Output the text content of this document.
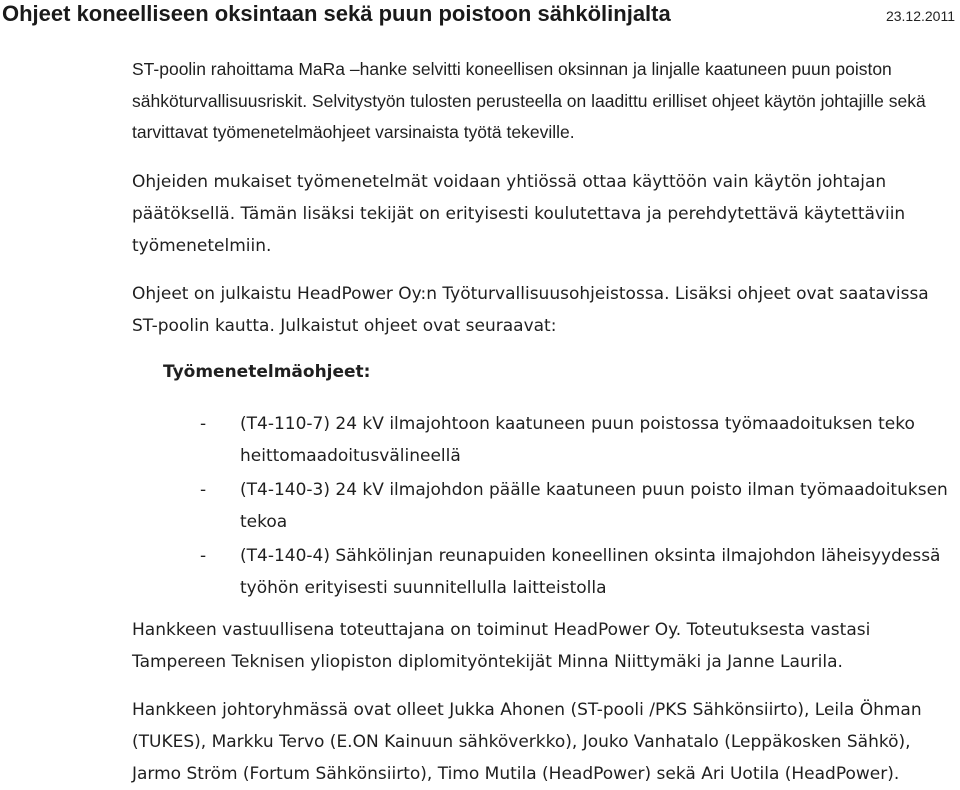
Ohjeet koneelliseen oksintaan sekä puun poistoon sähkölinjalta	23.12.2011

ST-poolin rahoittama MaRa –hanke selvitti koneellisen oksinnan ja linjalle kaatuneen puun poiston sähköturvallisuusriskit. Selvitystyön tulosten perusteella on laadittu erilliset ohjeet käytön johtajille sekä tarvittavat työmenetelmäohjeet varsinaista työtä tekeville.

Ohjeiden mukaiset työmenetelmät voidaan yhtiössä ottaa käyttöön vain käytön johtajan päätöksellä. Tämän lisäksi tekijät on erityisesti koulutettava ja perehdytettävä käytettäviin työmenetelmiin.

Ohjeet on julkaistu HeadPower Oy:n Työturvallisuusohjeistossa. Lisäksi ohjeet ovat saatavissa ST-poolin kautta. Julkaistut ohjeet ovat seuraavat:

Työmenetelmäohjeet:
- (T4-110-7) 24 kV ilmajohtoon kaatuneen puun poistossa työmaadoituksen teko heittomaadoitusvälineellä
- (T4-140-3) 24 kV ilmajohdon päälle kaatuneen puun poisto ilman työmaadoituksen tekoa
- (T4-140-4) Sähkölinjan reunapuiden koneellinen oksinta ilmajohdon läheisyydessä työhön erityisesti suunnitellulla laitteistolla

Hankkeen vastuullisena toteuttajana on toiminut HeadPower Oy. Toteutuksesta vastasi Tampereen Teknisen yliopiston diplomityöntekijät Minna Niittymäki ja Janne Laurila.

Hankkeen johtoryhmässä ovat olleet Jukka Ahonen (ST-pooli /PKS Sähkönsiirto), Leila Öhman (TUKES), Markku Tervo (E.ON Kainuun sähköverkko), Jouko Vanhatalo (Leppäkosken Sähkö), Jarmo Ström (Fortum Sähkönsiirto), Timo Mutila (HeadPower) sekä Ari Uotila (HeadPower).
